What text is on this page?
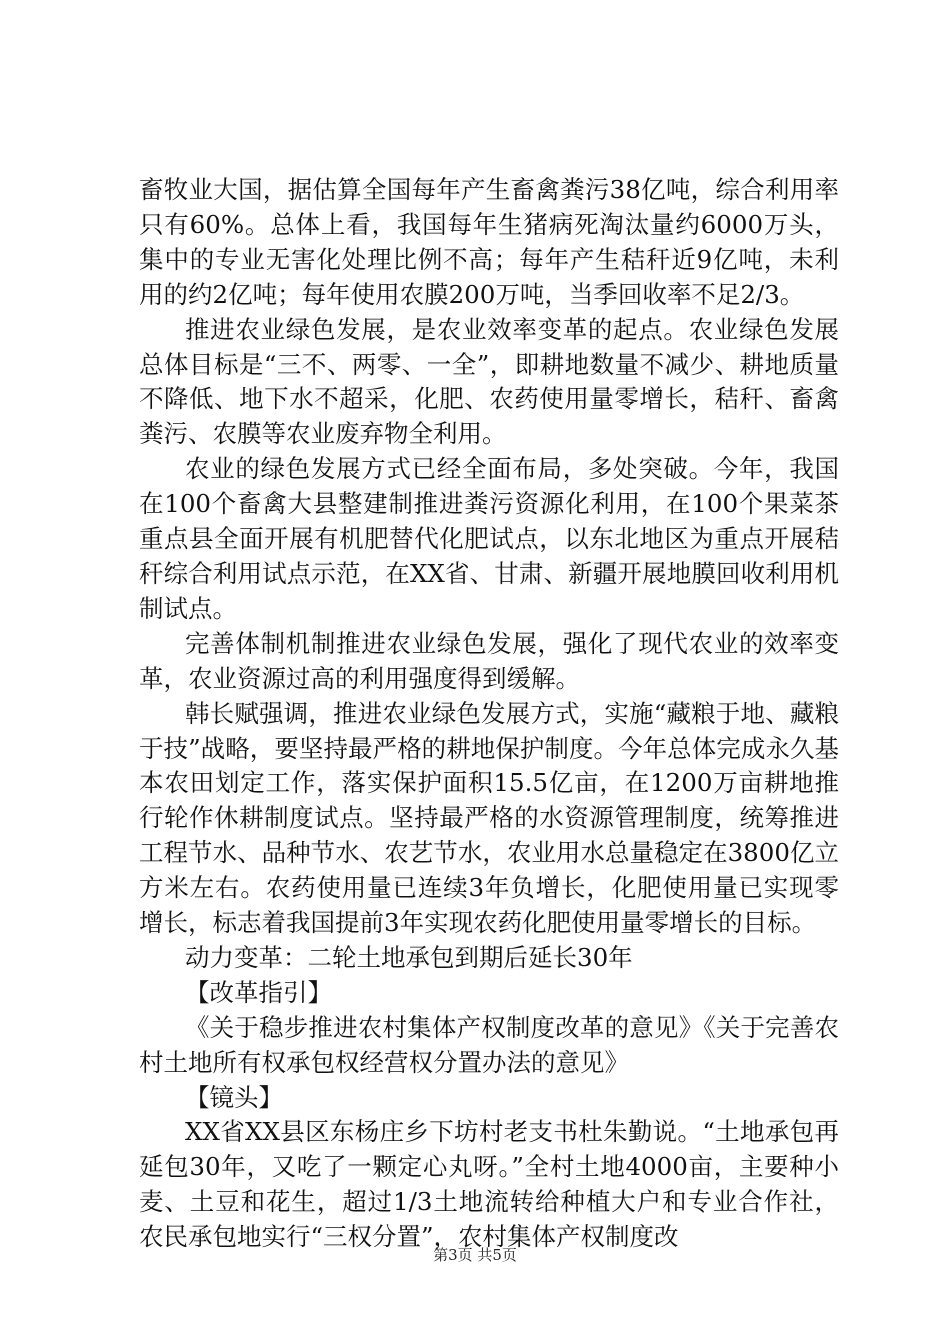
畜牧业大国，据估算全国每年产生畜禽粪污38亿吨，综合利用率只有60%。总体上看，我国每年生猪病死淘汰量约6000万头，集中的专业无害化处理比例不高；每年产生秸秆近9亿吨，未利用的约2亿吨；每年使用农膜200万吨，当季回收率不足2/3。

推进农业绿色发展，是农业效率变革的起点。农业绿色发展总体目标是“三不、两零、一全”，即耕地数量不减少、耕地质量不降低、地下水不超采，化肥、农药使用量零增长，秸秆、畜禽粪污、农膜等农业废弃物全利用。

农业的绿色发展方式已经全面布局，多处突破。今年，我国在100个畜禽大县整建制推进粪污资源化利用，在100个果菜茶重点县全面开展有机肥替代化肥试点，以东北地区为重点开展秸秆综合利用试点示范，在XX省、甘肃、新疆开展地膜回收利用机制试点。

完善体制机制推进农业绿色发展，强化了现代农业的效率变革，农业资源过高的利用强度得到缓解。

韩长赋强调，推进农业绿色发展方式，实施“藏粮于地、藏粮于技”战略，要坚持最严格的耕地保护制度。今年总体完成永久基本农田划定工作，落实保护面积15.5亿亩，在1200万亩耕地推行轮作休耕制度试点。坚持最严格的水资源管理制度，统筹推进工程节水、品种节水、农艺节水，农业用水总量稳定在3800亿立方米左右。农药使用量已连续3年负增长，化肥使用量已实现零增长，标志着我国提前3年实现农药化肥使用量零增长的目标。

动力变革：二轮土地承包到期后延长30年

【改革指引】

《关于稳步推进农村集体产权制度改革的意见》《关于完善农村土地所有权承包权经营权分置办法的意见》

【镜头】

XX省XX县区东杨庄乡下坊村老支书杜朱勤说。“土地承包再延包30年，又吃了一颗定心丸呀。”全村土地4000亩，主要种小麦、土豆和花生，超过1/3土地流转给种植大户和专业合作社，农民承包地实行“三权分置”，农村集体产权制度改

第3页 共5页
